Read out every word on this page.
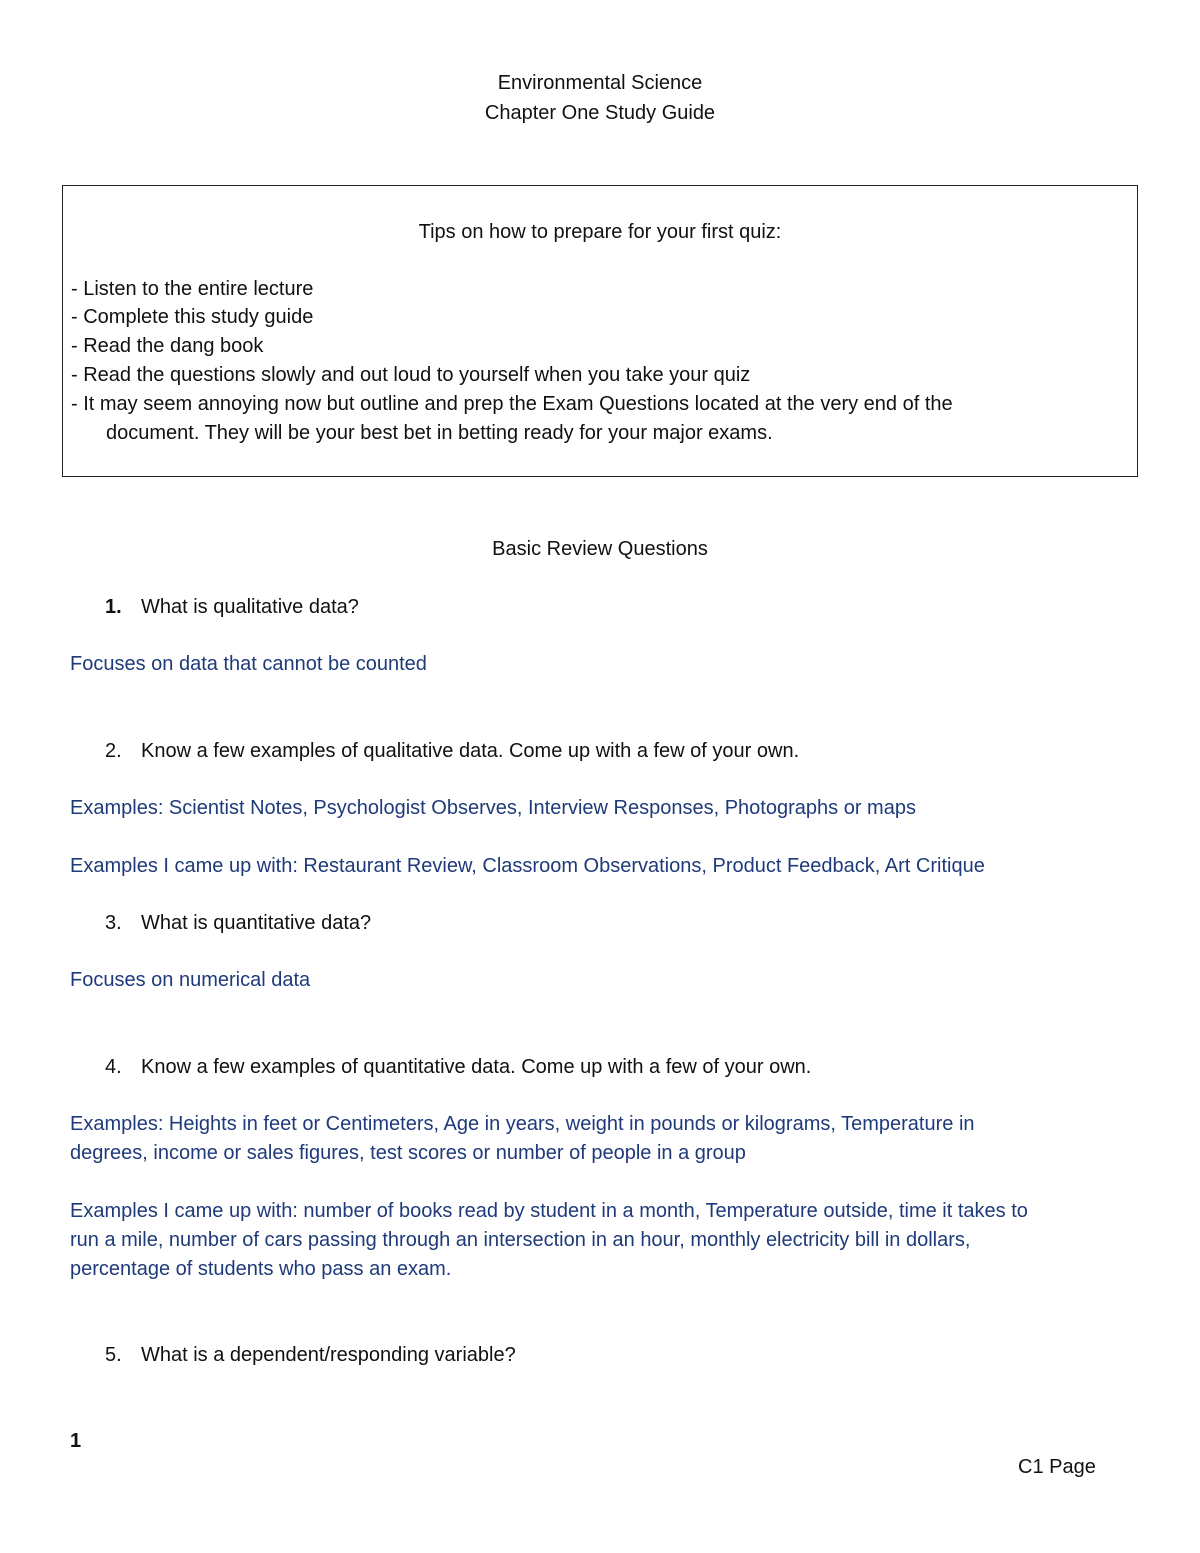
Environmental Science
Chapter One Study Guide
Tips on how to prepare for your first quiz:
- Listen to the entire lecture
- Complete this study guide
- Read the dang book
- Read the questions slowly and out loud to yourself when you take your quiz
- It may seem annoying now but outline and prep the Exam Questions located at the very end of the
document. They will be your best bet in betting ready for your major exams.
Basic Review Questions
1. What is qualitative data?
Focuses on data that cannot be counted
2. Know a few examples of qualitative data. Come up with a few of your own.
Examples: Scientist Notes, Psychologist Observes, Interview Responses, Photographs or maps
Examples I came up with: Restaurant Review, Classroom Observations, Product Feedback, Art Critique
3. What is quantitative data?
Focuses on numerical data
4. Know a few examples of quantitative data. Come up with a few of your own.
Examples: Heights in feet or Centimeters, Age in years, weight in pounds or kilograms, Temperature in
degrees, income or sales figures, test scores or number of people in a group
Examples I came up with: number of books read by student in a month, Temperature outside, time it takes to
run a mile, number of cars passing through an intersection in an hour, monthly electricity bill in dollars,
percentage of students who pass an exam.
5. What is a dependent/responding variable?
1
C1 Page
